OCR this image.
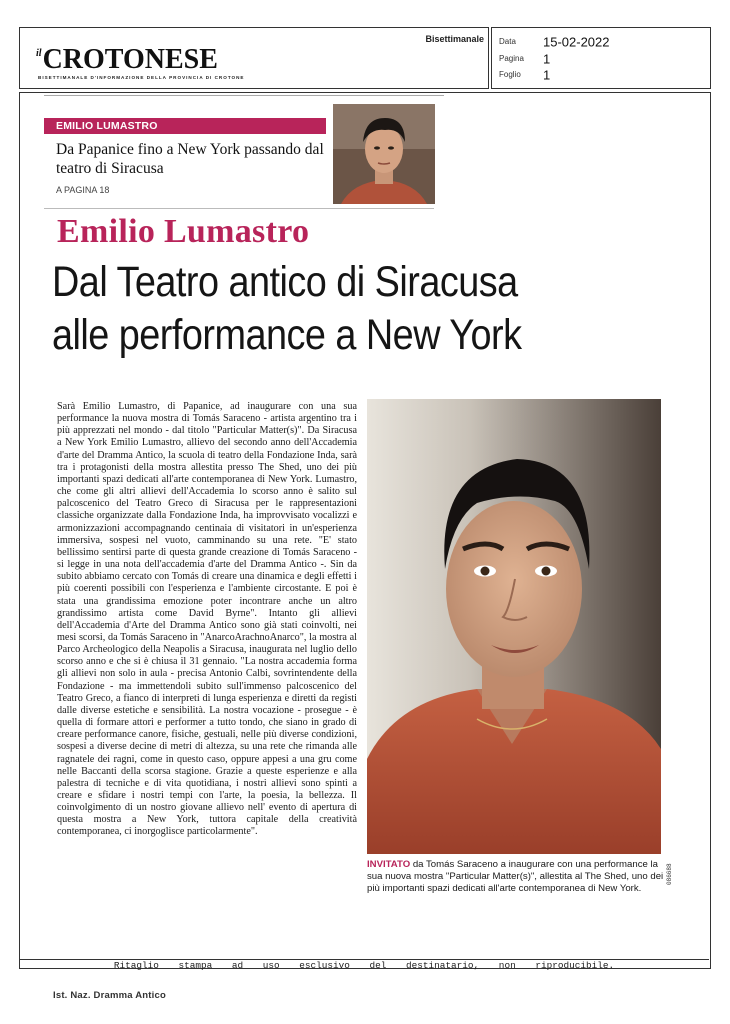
$^{il}$CROTONESE
BISETTIMANALE D'INFORMAZIONE DELLA PROVINCIA DI CROTONE
Bisettimanale Data 15-02-2022
Pagina 1
Foglio 1
EMILIO LUMASTRO
Da Papanice fino a New York passando dal teatro di Siracusa
A PAGINA 18
Emilio Lumastro
Dal Teatro antico di Siracusa
alle performance a New York
Sarà Emilio Lumastro, di Papanice, ad inaugurare con una sua performance la nuova mostra di Tomás Saraceno - artista argentino tra i più apprezzati nel mondo - dal titolo "Particular Matter(s)". Da Siracusa a New York Emilio Lumastro, allievo del secondo anno dell'Accademia d'arte del Dramma Antico, la scuola di teatro della Fondazione Inda, sarà tra i protagonisti della mostra allestita presso The Shed, uno dei più importanti spazi dedicati all'arte contemporanea di New York. Lumastro, che come gli altri allievi dell'Accademia lo scorso anno è salito sul palcoscenico del Teatro Greco di Siracusa per le rappresentazioni classiche organizzate dalla Fondazione Inda, ha improvvisato vocalizzi e armonizzazioni accompagnando centinaia di visitatori in un'esperienza immersiva, sospesi nel vuoto, camminando su una rete. "E' stato bellissimo sentirsi parte di questa grande creazione di Tomás Saraceno - si legge in una nota dell'accademia d'arte del Dramma Antico -. Sin da subito abbiamo cercato con Tomás di creare una dinamica e degli effetti i più coerenti possibili con l'esperienza e l'ambiente circostante. E poi è stata una grandissima emozione poter incontrare anche un altro grandissimo artista come David Byrne". Intanto gli allievi dell'Accademia d'Arte del Dramma Antico sono già stati coinvolti, nei mesi scorsi, da Tomás Saraceno in "AnarcoArachnoAnarco", la mostra al Parco Archeologico della Neapolis a Siracusa, inaugurata nel luglio dello scorso anno e che si è chiusa il 31 gennaio. "La nostra accademia forma gli allievi non solo in aula - precisa Antonio Calbi, sovrintendente della Fondazione - ma immettendoli subito sull'immenso palcoscenico del Teatro Greco, a fianco di interpreti di lunga esperienza e diretti da registi dalle diverse estetiche e sensibilità. La nostra vocazione - prosegue - è quella di formare attori e performer a tutto tondo, che siano in grado di creare performance canore, fisiche, gestuali, nelle più diverse condizioni, sospesi a diverse decine di metri di altezza, su una rete che rimanda alle ragnatele dei ragni, come in questo caso, oppure appesi a una gru come nelle Baccanti della scorsa stagione. Grazie a queste esperienze e alla palestra di tecniche e di vita quotidiana, i nostri allievi sono spinti a creare e sfidare i nostri tempi con l'arte, la poesia, la bellezza. Il coinvolgimento di un nostro giovane allievo nell' evento di apertura di questa mostra a New York, tuttora capitale della creatività contemporanea, ci inorgoglisce particolarmente".
INVITATO da Tomás Saraceno a inaugurare con una performance la sua nuova mostra "Particular Matter(s)", allestita al The Shed, uno dei più importanti spazi dedicati all'arte contemporanea di New York.
086688
Ritaglio stampa ad uso esclusivo del destinatario, non riproducibile.
Ist. Naz. Dramma Antico
